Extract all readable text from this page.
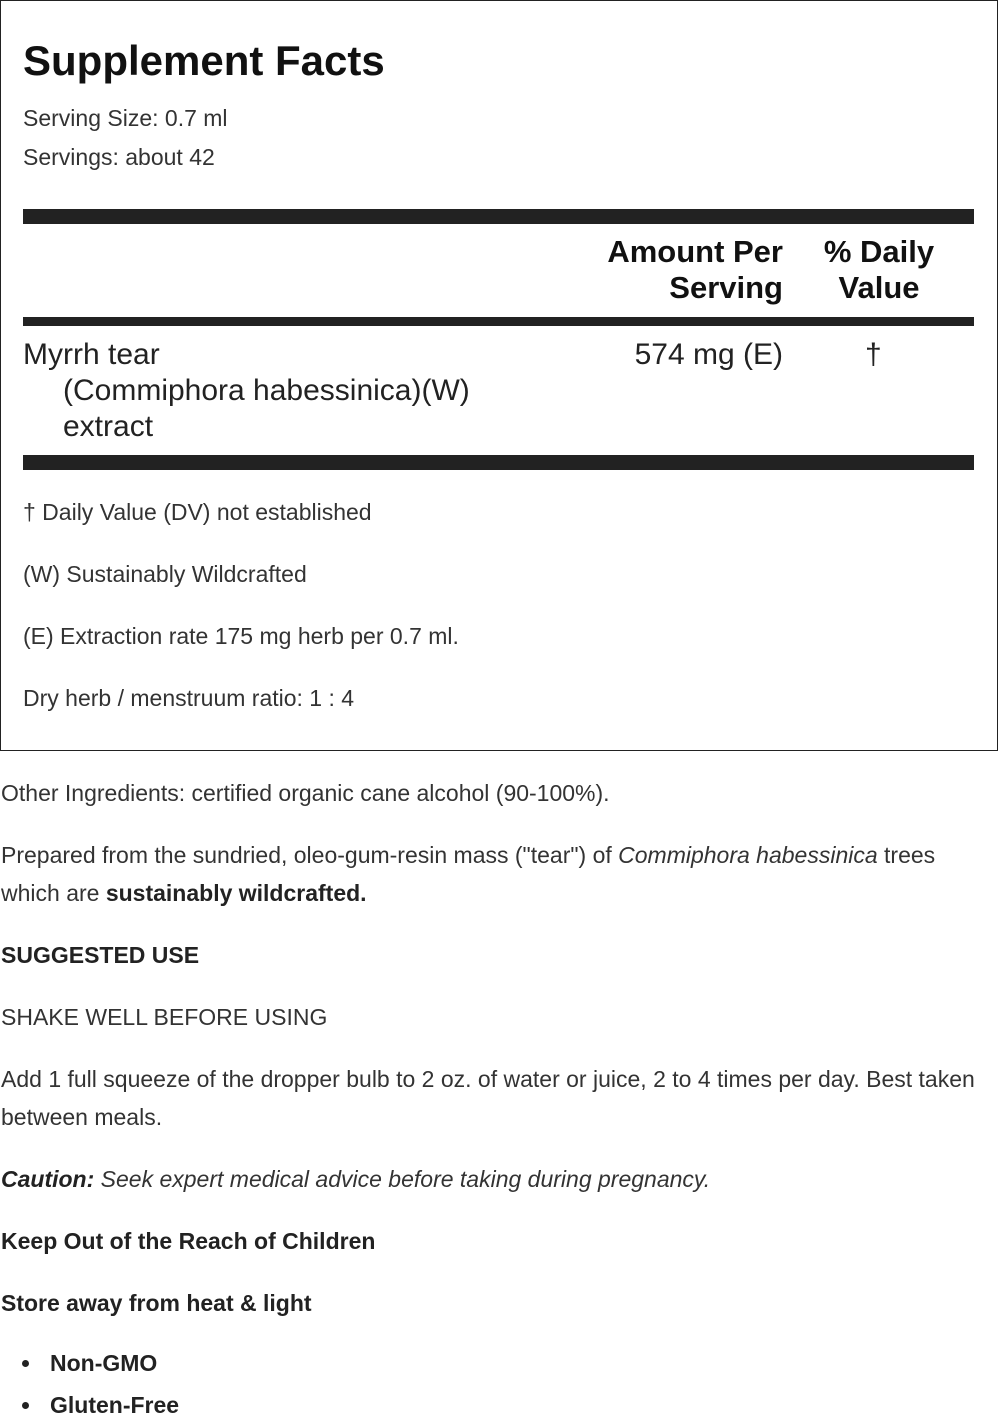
Supplement Facts
Serving Size: 0.7 ml
Servings: about 42
Amount Per
Serving
% Daily
Value
Myrrh tear
(Commiphora habessinica)(W)
extract
574 mg (E)	†
† Daily Value (DV) not established
(W) Sustainably Wildcrafted
(E) Extraction rate 175 mg herb per 0.7 ml.
Dry herb / menstruum ratio: 1 : 4

Other Ingredients: certified organic cane alcohol (90-100%).

Prepared from the sundried, oleo-gum-resin mass ("tear") of Commiphora habessinica trees which are sustainably wildcrafted.

SUGGESTED USE

SHAKE WELL BEFORE USING

Add 1 full squeeze of the dropper bulb to 2 oz. of water or juice, 2 to 4 times per day. Best taken between meals.

Caution: Seek expert medical advice before taking during pregnancy.

Keep Out of the Reach of Children

Store away from heat & light

Non-GMO
Gluten-Free
